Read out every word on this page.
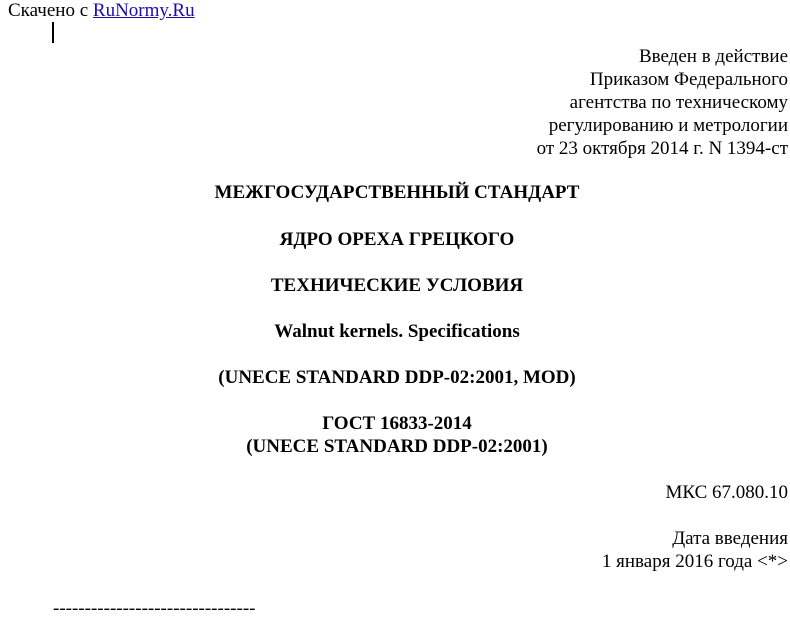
Скачено с RuNormy.Ru
Введен в действие
Приказом Федерального
агентства по техническому
регулированию и метрологии
от 23 октября 2014 г. N 1394-ст
МЕЖГОСУДАРСТВЕННЫЙ СТАНДАРТ
ЯДРО ОРЕХА ГРЕЦКОГО
ТЕХНИЧЕСКИЕ УСЛОВИЯ
Walnut kernels. Specifications
(UNECE STANDARD DDP-02:2001, MOD)
ГОСТ 16833-2014
(UNECE STANDARD DDP-02:2001)
МКС 67.080.10
Дата введения
1 января 2016 года <*>
--------------------------------
